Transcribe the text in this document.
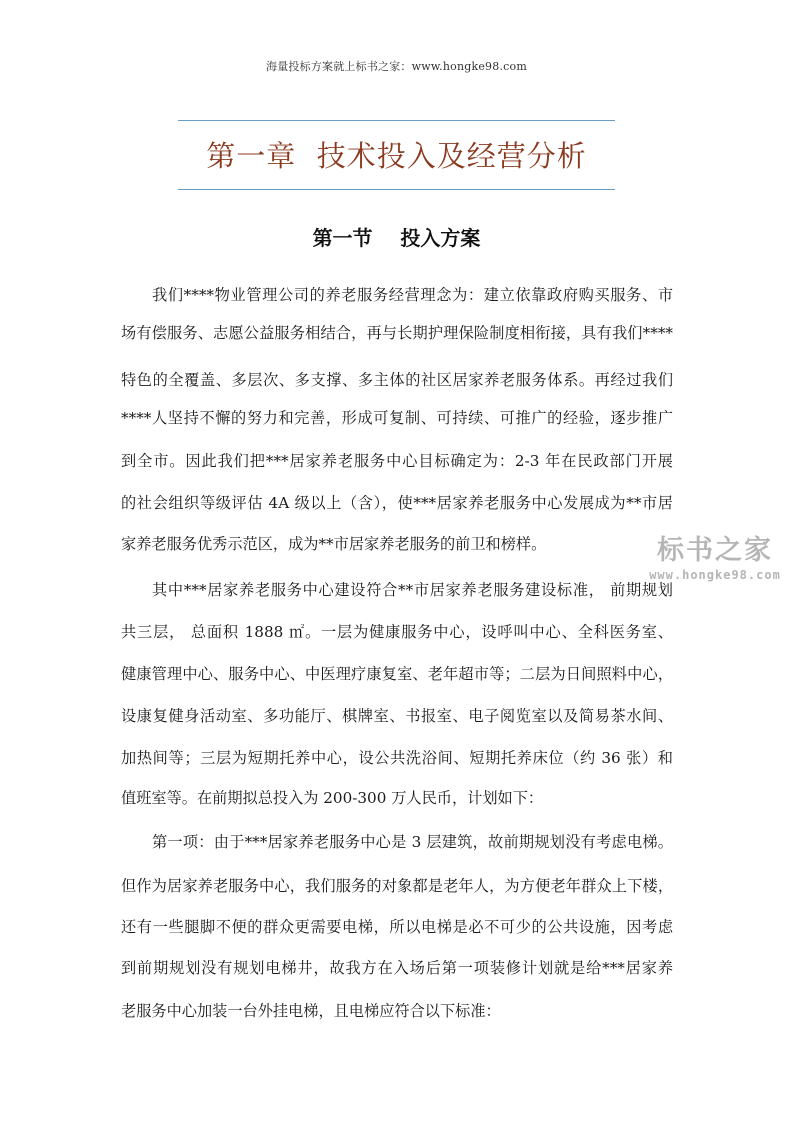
海量投标方案就上标书之家：www.hongke98.com
第一章  技术投入及经营分析
第一节    投入方案
我们****物业管理公司的养老服务经营理念为：建立依靠政府购买服务、市
场有偿服务、志愿公益服务相结合，再与长期护理保险制度相衔接，具有我们****
特色的全覆盖、多层次、多支撑、多主体的社区居家养老服务体系。再经过我们
****人坚持不懈的努力和完善，形成可复制、可持续、可推广的经验，逐步推广
到全市。因此我们把***居家养老服务中心目标确定为：2-3 年在民政部门开展
的社会组织等级评估 4A 级以上（含），使***居家养老服务中心发展成为**市居
家养老服务优秀示范区，成为**市居家养老服务的前卫和榜样。
其中***居家养老服务中心建设符合**市居家养老服务建设标准， 前期规划
共三层， 总面积 1888 ㎡。一层为健康服务中心，设呼叫中心、全科医务室、
健康管理中心、服务中心、中医理疗康复室、老年超市等；二层为日间照料中心，
设康复健身活动室、多功能厅、棋牌室、书报室、电子阅览室以及简易茶水间、
加热间等；三层为短期托养中心，设公共洗浴间、短期托养床位（约 36 张）和
值班室等。在前期拟总投入为 200-300 万人民币，计划如下：
第一项：由于***居家养老服务中心是 3 层建筑，故前期规划没有考虑电梯。
但作为居家养老服务中心，我们服务的对象都是老年人，为方便老年群众上下楼，
还有一些腿脚不便的群众更需要电梯，所以电梯是必不可少的公共设施，因考虑
到前期规划没有规划电梯井，故我方在入场后第一项装修计划就是给***居家养
老服务中心加装一台外挂电梯，且电梯应符合以下标准：
标书之家
www.hongke98.com
